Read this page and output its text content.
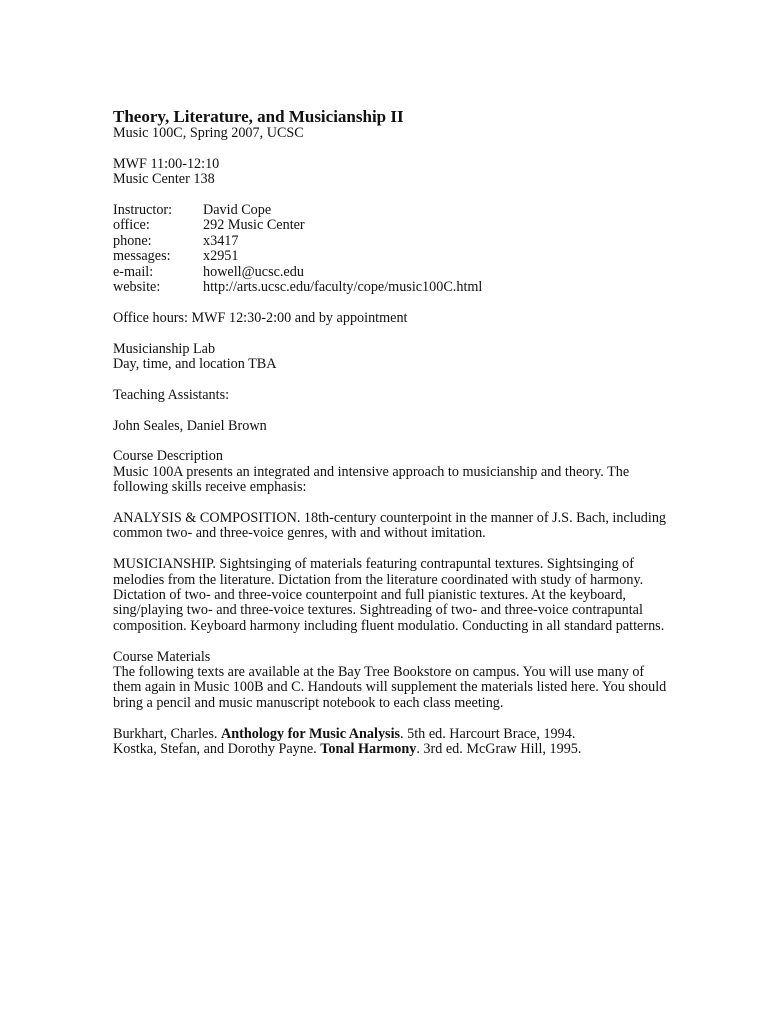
Theory, Literature, and Musicianship II
Music 100C, Spring 2007, UCSC
MWF 11:00-12:10
Music Center 138
Instructor:	David Cope
office:	292 Music Center
phone:	x3417
messages:	x2951
e-mail:	howell@ucsc.edu
website:	http://arts.ucsc.edu/faculty/cope/music100C.html
Office hours: MWF 12:30-2:00 and by appointment
Musicianship Lab
Day, time, and location TBA
Teaching Assistants:
John Seales, Daniel Brown
Course Description

Music 100A presents an integrated and intensive approach to musicianship and theory. The following skills receive emphasis:

ANALYSIS & COMPOSITION. 18th-century counterpoint in the manner of J.S. Bach, including common two- and three-voice genres, with and without imitation.

MUSICIANSHIP. Sightsinging of materials featuring contrapuntal textures. Sightsinging of melodies from the literature. Dictation from the literature coordinated with study of harmony. Dictation of two- and three-voice counterpoint and full pianistic textures. At the keyboard, sing/playing two- and three-voice textures. Sightreading of two- and three-voice contrapuntal composition. Keyboard harmony including fluent modulatio. Conducting in all standard patterns.

Course Materials

The following texts are available at the Bay Tree Bookstore on campus. You will use many of them again in Music 100B and C. Handouts will supplement the materials listed here. You should bring a pencil and music manuscript notebook to each class meeting.

Burkhart, Charles. Anthology for Music Analysis. 5th ed. Harcourt Brace, 1994.
Kostka, Stefan, and Dorothy Payne. Tonal Harmony. 3rd ed. McGraw Hill, 1995.
